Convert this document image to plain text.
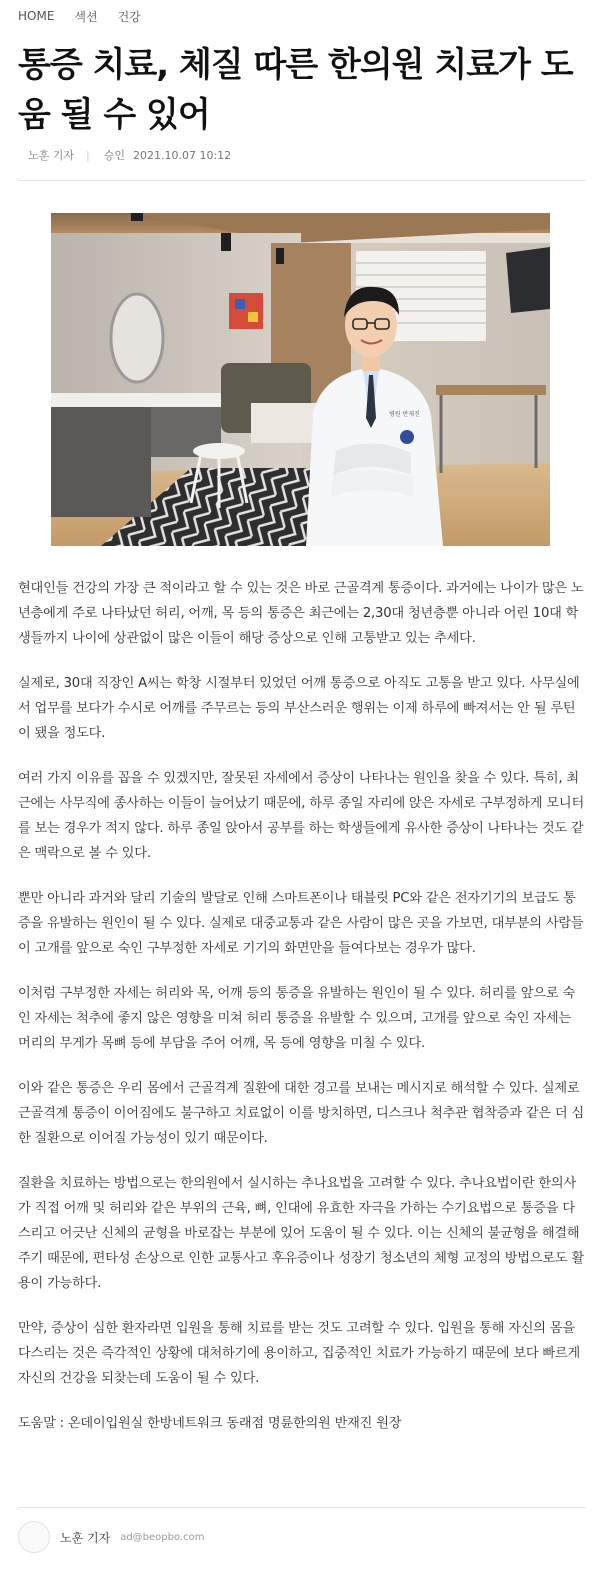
HOME 섹션 건강
통증 치료, 체질 따른 한의원 치료가 도움 될 수 있어
노훈 기자 | 승인 2021.10.07 10:12
병원 반재진

현대인들 건강의 가장 큰 적이라고 할 수 있는 것은 바로 근골격계 통증이다. 과거에는 나이가 많은 노년층에게 주로 나타났던 허리, 어깨, 목 등의 통증은 최근에는 2,30대 청년층뿐 아니라 어린 10대 학생들까지 나이에 상관없이 많은 이들이 해당 증상으로 인해 고통받고 있는 추세다.

실제로, 30대 직장인 A씨는 학창 시절부터 있었던 어깨 통증으로 아직도 고통을 받고 있다. 사무실에서 업무를 보다가 수시로 어깨를 주무르는 등의 부산스러운 행위는 이제 하루에 빠져서는 안 될 루틴이 됐을 정도다.

여러 가지 이유를 꼽을 수 있겠지만, 잘못된 자세에서 증상이 나타나는 원인을 찾을 수 있다. 특히, 최근에는 사무직에 종사하는 이들이 늘어났기 때문에, 하루 종일 자리에 앉은 자세로 구부정하게 모니터를 보는 경우가 적지 않다. 하루 종일 앉아서 공부를 하는 학생들에게 유사한 증상이 나타나는 것도 같은 맥락으로 볼 수 있다.

뿐만 아니라 과거와 달리 기술의 발달로 인해 스마트폰이나 태블릿 PC와 같은 전자기기의 보급도 통증을 유발하는 원인이 될 수 있다. 실제로 대중교통과 같은 사람이 많은 곳을 가보면, 대부분의 사람들이 고개를 앞으로 숙인 구부정한 자세로 기기의 화면만을 들여다보는 경우가 많다.

이처럼 구부정한 자세는 허리와 목, 어깨 등의 통증을 유발하는 원인이 될 수 있다. 허리를 앞으로 숙인 자세는 척추에 좋지 않은 영향을 미쳐 허리 통증을 유발할 수 있으며, 고개를 앞으로 숙인 자세는 머리의 무게가 목뼈 등에 부담을 주어 어깨, 목 등에 영향을 미칠 수 있다.

이와 같은 통증은 우리 몸에서 근골격계 질환에 대한 경고를 보내는 메시지로 해석할 수 있다. 실제로 근골격계 통증이 이어짐에도 불구하고 치료없이 이를 방치하면, 디스크나 척추관 협착증과 같은 더 심한 질환으로 이어질 가능성이 있기 때문이다.

질환을 치료하는 방법으로는 한의원에서 실시하는 추나요법을 고려할 수 있다. 추나요법이란 한의사가 직접 어깨 및 허리와 같은 부위의 근육, 뼈, 인대에 유효한 자극을 가하는 수기요법으로 통증을 다스리고 어긋난 신체의 균형을 바로잡는 부분에 있어 도움이 될 수 있다. 이는 신체의 불균형을 해결해주기 때문에, 편타성 손상으로 인한 교통사고 후유증이나 성장기 청소년의 체형 교정의 방법으로도 활용이 가능하다.

만약, 증상이 심한 환자라면 입원을 통해 치료를 받는 것도 고려할 수 있다. 입원을 통해 자신의 몸을 다스리는 것은 즉각적인 상황에 대처하기에 용이하고, 집중적인 치료가 가능하기 때문에 보다 빠르게 자신의 건강을 되찾는데 도움이 될 수 있다.

도움말 : 온데이입원실 한방네트워크 동래점 명륜한의원 반재진 원장

노훈 기자 ad@beopbo.com
